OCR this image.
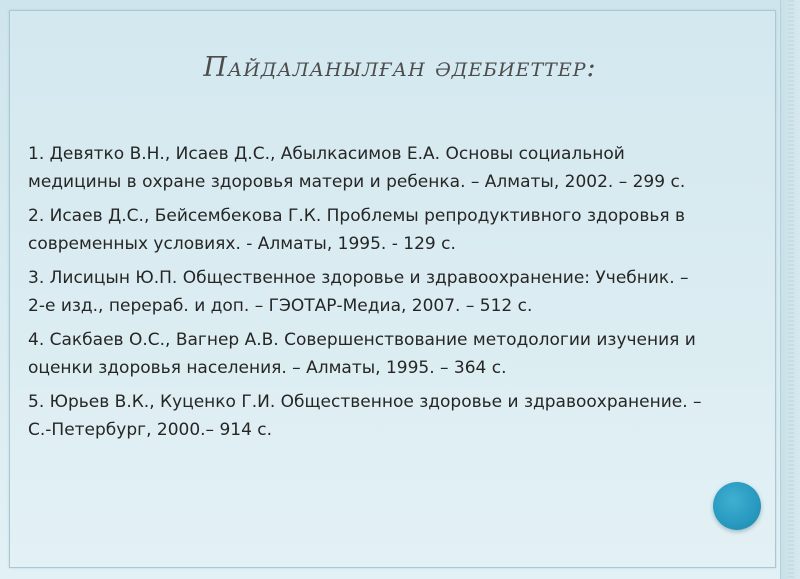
Пайдаланылған әдебиеттер:
1. Девятко В.Н., Исаев Д.С., Абылкасимов Е.А. Основы социальной
медицины в охране здоровья матери и ребенка. – Алматы, 2002. – 299 с.
2. Исаев Д.С., Бейсембекова Г.К. Проблемы репродуктивного здоровья в
современных условиях. - Алматы, 1995. - 129 с.
3. Лисицын Ю.П. Общественное здоровье и здравоохранение: Учебник. –
2-е изд., перераб. и доп. – ГЭОТАР-Медиа, 2007. – 512 с.
4. Сакбаев О.С., Вагнер А.В. Совершенствование методологии изучения и
оценки здоровья населения. – Алматы, 1995. – 364 с.
5. Юрьев В.К., Куценко Г.И. Общественное здоровье и здравоохранение. –
С.-Петербург, 2000.– 914 с.
